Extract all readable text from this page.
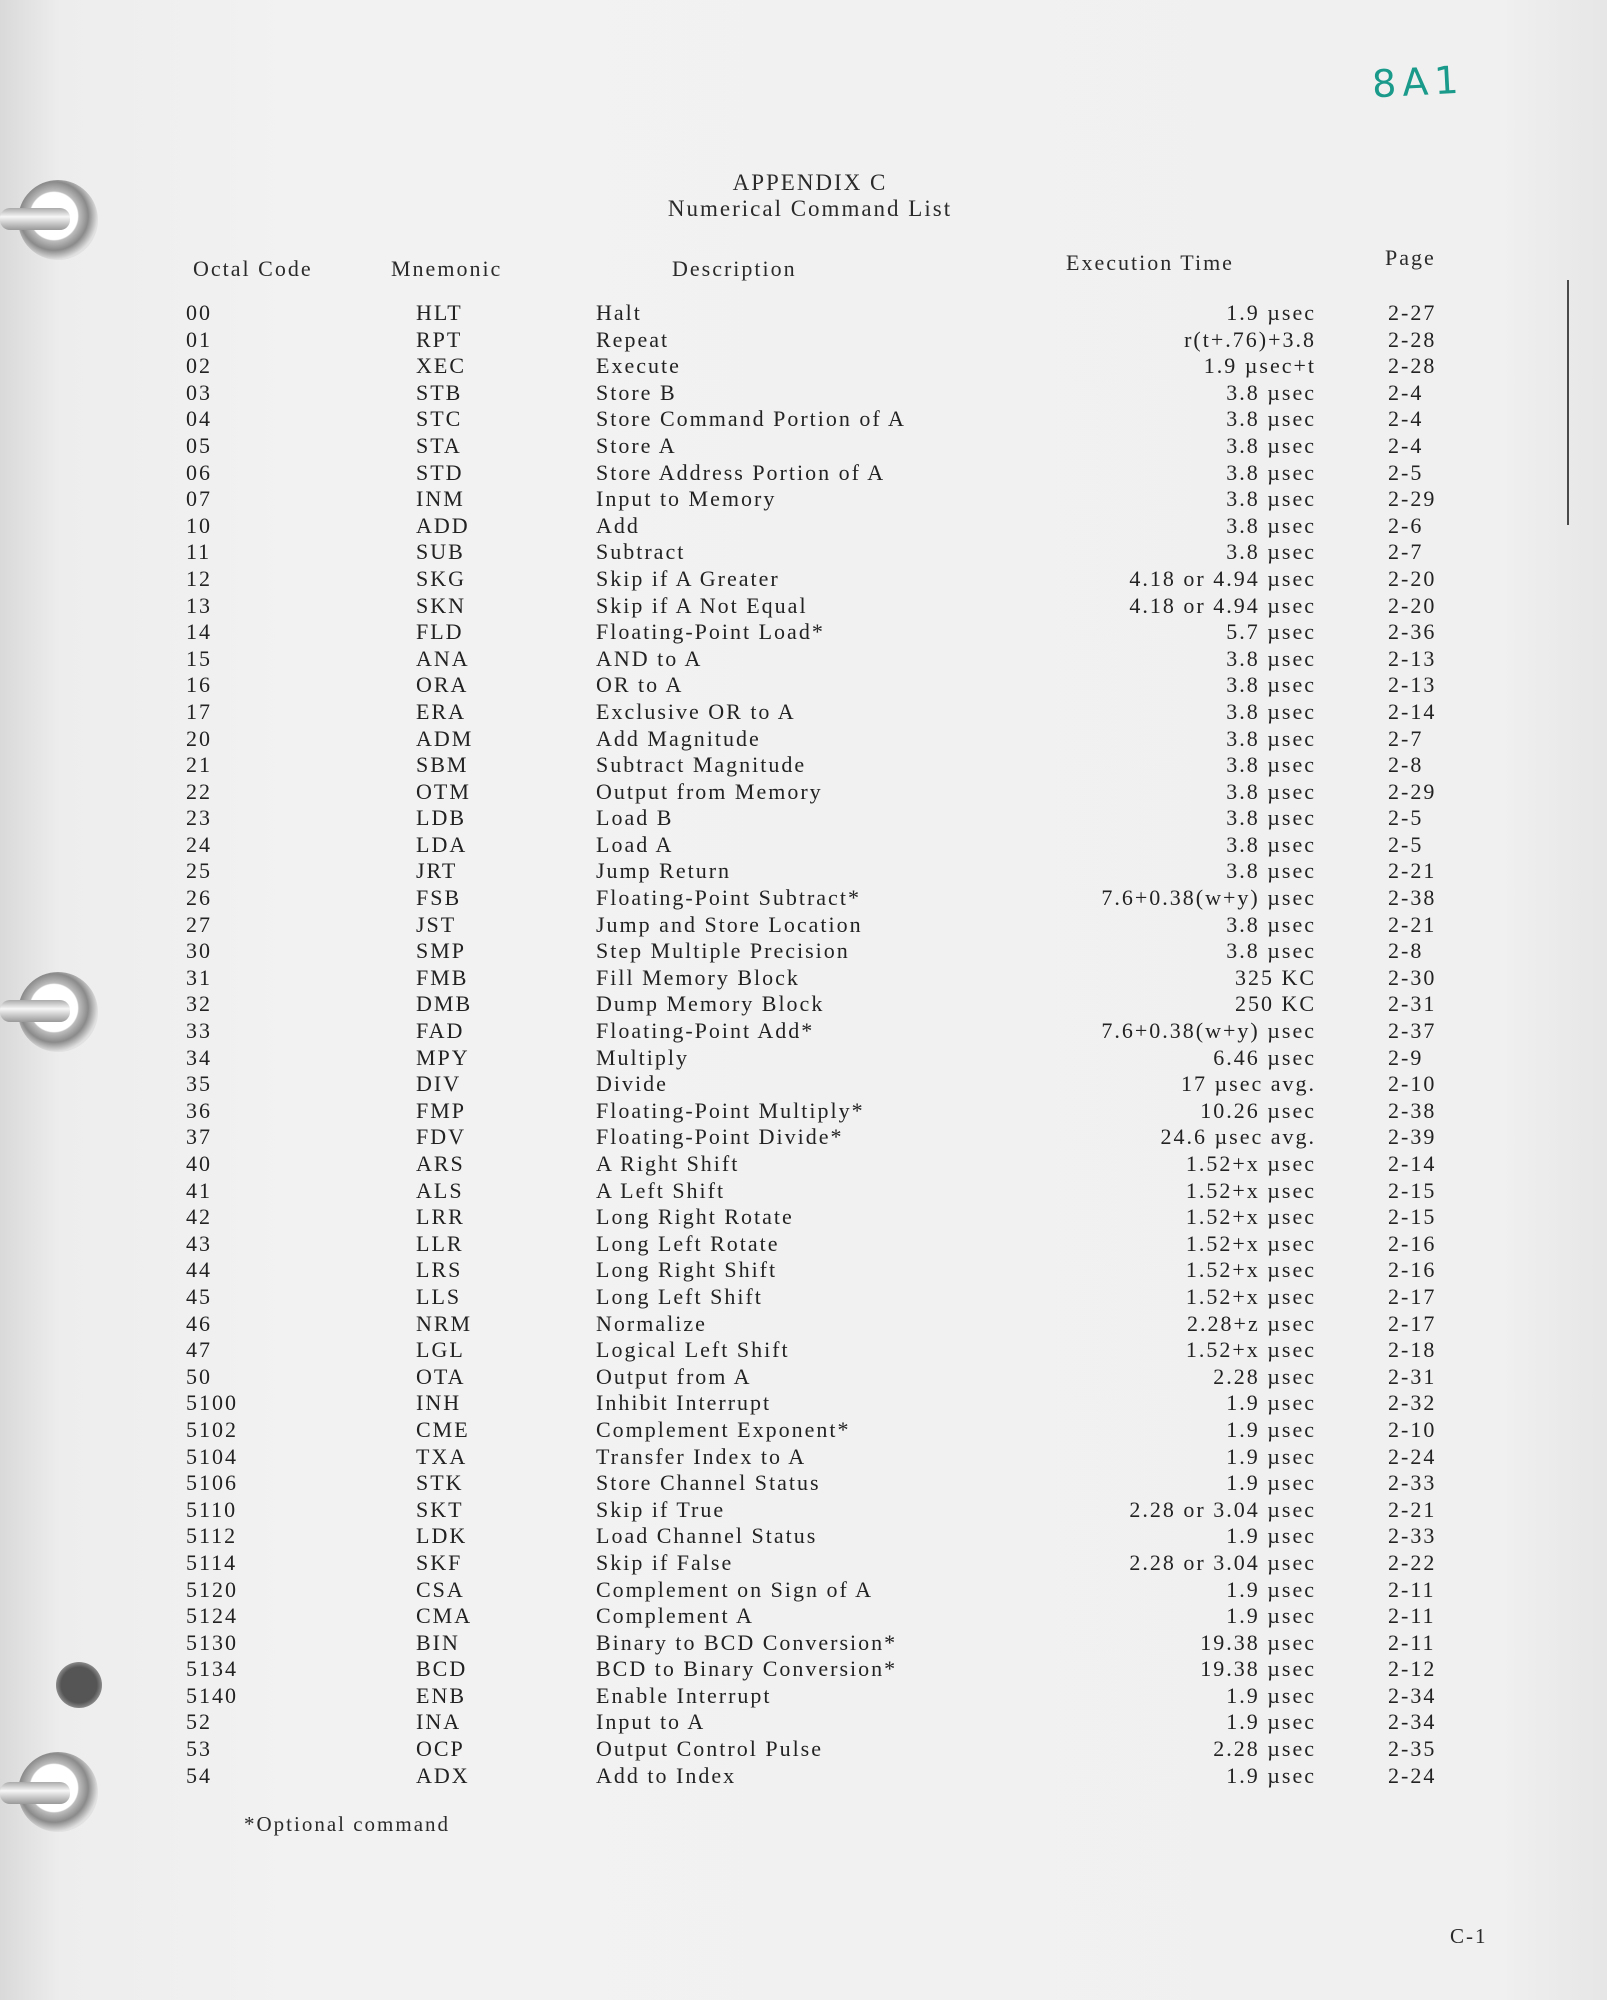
8A1
APPENDIX C
Numerical Command List
Octal Code	Mnemonic	Description	Execution Time	Page
00	HLT	Halt	1.9 µsec	2-27
01	RPT	Repeat	r(t+.76)+3.8	2-28
02	XEC	Execute	1.9 µsec+t	2-28
03	STB	Store B	3.8 µsec	2-4
04	STC	Store Command Portion of A	3.8 µsec	2-4
05	STA	Store A	3.8 µsec	2-4
06	STD	Store Address Portion of A	3.8 µsec	2-5
07	INM	Input to Memory	3.8 µsec	2-29
10	ADD	Add	3.8 µsec	2-6
11	SUB	Subtract	3.8 µsec	2-7
12	SKG	Skip if A Greater	4.18 or 4.94 µsec	2-20
13	SKN	Skip if A Not Equal	4.18 or 4.94 µsec	2-20
14	FLD	Floating-Point Load*	5.7 µsec	2-36
15	ANA	AND to A	3.8 µsec	2-13
16	ORA	OR to A	3.8 µsec	2-13
17	ERA	Exclusive OR to A	3.8 µsec	2-14
20	ADM	Add Magnitude	3.8 µsec	2-7
21	SBM	Subtract Magnitude	3.8 µsec	2-8
22	OTM	Output from Memory	3.8 µsec	2-29
23	LDB	Load B	3.8 µsec	2-5
24	LDA	Load A	3.8 µsec	2-5
25	JRT	Jump Return	3.8 µsec	2-21
26	FSB	Floating-Point Subtract*	7.6+0.38(w+y) µsec	2-38
27	JST	Jump and Store Location	3.8 µsec	2-21
30	SMP	Step Multiple Precision	3.8 µsec	2-8
31	FMB	Fill Memory Block	325 KC	2-30
32	DMB	Dump Memory Block	250 KC	2-31
33	FAD	Floating-Point Add*	7.6+0.38(w+y) µsec	2-37
34	MPY	Multiply	6.46 µsec	2-9
35	DIV	Divide	17 µsec avg.	2-10
36	FMP	Floating-Point Multiply*	10.26 µsec	2-38
37	FDV	Floating-Point Divide*	24.6 µsec avg.	2-39
40	ARS	A Right Shift	1.52+x µsec	2-14
41	ALS	A Left Shift	1.52+x µsec	2-15
42	LRR	Long Right Rotate	1.52+x µsec	2-15
43	LLR	Long Left Rotate	1.52+x µsec	2-16
44	LRS	Long Right Shift	1.52+x µsec	2-16
45	LLS	Long Left Shift	1.52+x µsec	2-17
46	NRM	Normalize	2.28+z µsec	2-17
47	LGL	Logical Left Shift	1.52+x µsec	2-18
50	OTA	Output from A	2.28 µsec	2-31
5100	INH	Inhibit Interrupt	1.9 µsec	2-32
5102	CME	Complement Exponent*	1.9 µsec	2-10
5104	TXA	Transfer Index to A	1.9 µsec	2-24
5106	STK	Store Channel Status	1.9 µsec	2-33
5110	SKT	Skip if True	2.28 or 3.04 µsec	2-21
5112	LDK	Load Channel Status	1.9 µsec	2-33
5114	SKF	Skip if False	2.28 or 3.04 µsec	2-22
5120	CSA	Complement on Sign of A	1.9 µsec	2-11
5124	CMA	Complement A	1.9 µsec	2-11
5130	BIN	Binary to BCD Conversion*	19.38 µsec	2-11
5134	BCD	BCD to Binary Conversion*	19.38 µsec	2-12
5140	ENB	Enable Interrupt	1.9 µsec	2-34
52	INA	Input to A	1.9 µsec	2-34
53	OCP	Output Control Pulse	2.28 µsec	2-35
54	ADX	Add to Index	1.9 µsec	2-24
*Optional command
C-1
